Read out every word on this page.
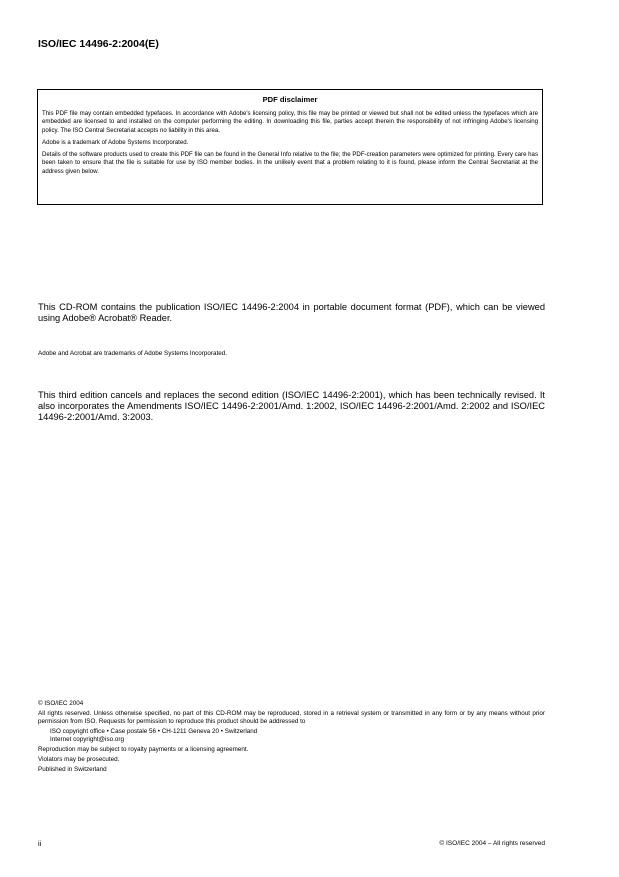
ISO/IEC 14496-2:2004(E)
PDF disclaimer

This PDF file may contain embedded typefaces. In accordance with Adobe's licensing policy, this file may be printed or viewed but shall not be edited unless the typefaces which are embedded are licensed to and installed on the computer performing the editing. In downloading this file, parties accept therein the responsibility of not infringing Adobe's licensing policy. The ISO Central Secretariat accepts no liability in this area.

Adobe is a trademark of Adobe Systems Incorporated.

Details of the software products used to create this PDF file can be found in the General Info relative to the file; the PDF-creation parameters were optimized for printing. Every care has been taken to ensure that the file is suitable for use by ISO member bodies. In the unlikely event that a problem relating to it is found, please inform the Central Secretariat at the address given below.

This CD-ROM contains the publication ISO/IEC 14496-2:2004 in portable document format (PDF), which can be viewed using Adobe® Acrobat® Reader.
Adobe and Acrobat are trademarks of Adobe Systems Incorporated.
This third edition cancels and replaces the second edition (ISO/IEC 14496-2:2001), which has been technically revised. It also incorporates the Amendments ISO/IEC 14496-2:2001/Amd. 1:2002, ISO/IEC 14496-2:2001/Amd. 2:2002 and ISO/IEC 14496-2:2001/Amd. 3:2003.

© ISO/IEC 2004

All rights reserved. Unless otherwise specified, no part of this CD-ROM may be reproduced, stored in a retrieval system or transmitted in any form or by any means without prior permission from ISO. Requests for permission to reproduce this product should be addressed to

ISO copyright office • Case postale 56 • CH-1211 Geneva 20 • Switzerland

Internet copyright@iso.org

Reproduction may be subject to royalty payments or a licensing agreement.

Violators may be prosecuted.

Published in Switzerland

ii	© ISO/IEC 2004 – All rights reserved
